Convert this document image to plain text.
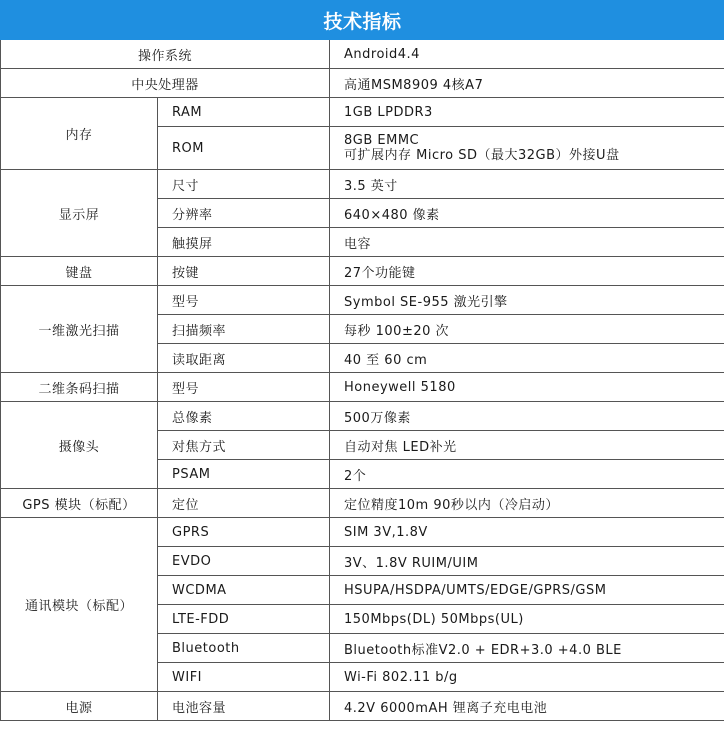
技术指标		
操作系统		Android4.4
中央处理器		高通MSM8909 4核A7
内存	RAM	1GB LPDDR3
	ROM	8GB EMMC
可扩展内存 Micro SD（最大32GB）外接U盘

显示屏	尺寸	3.5 英寸
	分辨率	640×480 像素
	触摸屏	电容
键盘	按键	27个功能键
一维激光扫描	型号	Symbol SE-955 激光引擎
	扫描频率	每秒 100±20 次
	读取距离	40 至 60 cm
二维条码扫描	型号	Honeywell 5180
摄像头	总像素	500万像素
	对焦方式	自动对焦 LED补光
	PSAM	2个
GPS 模块（标配）	定位	定位精度10m 90秒以内（冷启动）
通讯模块（标配）	GPRS	SIM 3V,1.8V
	EVDO	3V、1.8V RUIM/UIM
	WCDMA	HSUPA/HSDPA/UMTS/EDGE/GPRS/GSM
	LTE-FDD	150Mbps(DL) 50Mbps(UL)
	Bluetooth	Bluetooth标准V2.0 + EDR+3.0 +4.0 BLE
	WIFI	Wi-Fi 802.11 b/g
电源	电池容量	4.2V 6000mAH 锂离子充电电池
